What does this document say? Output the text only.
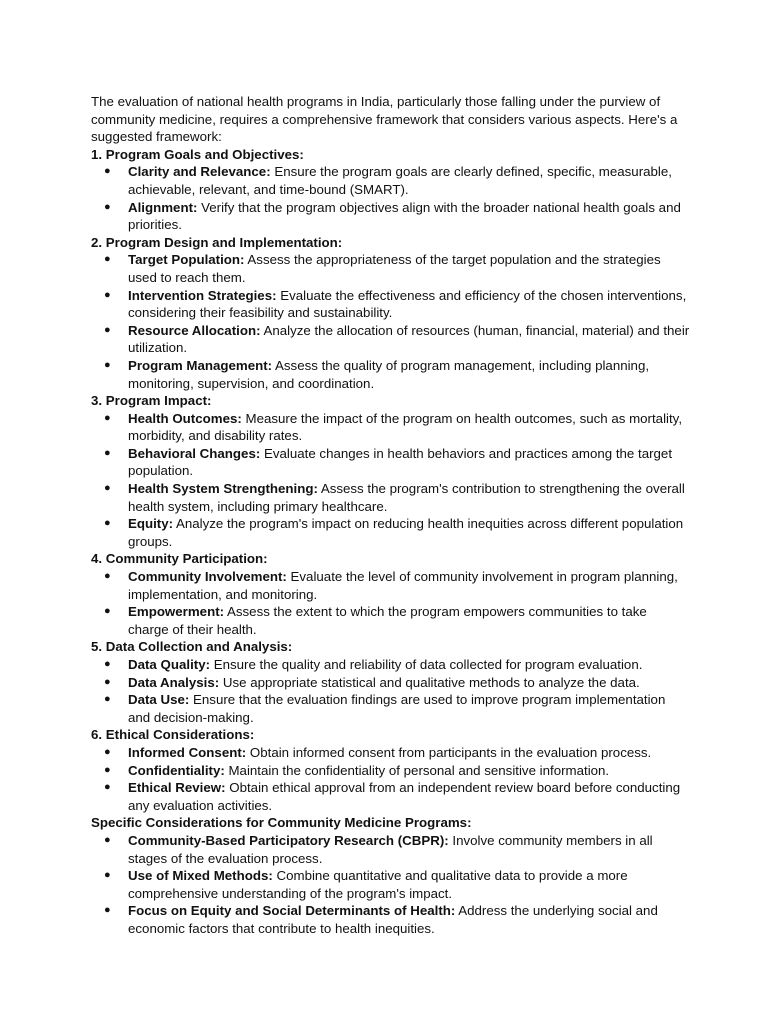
The evaluation of national health programs in India, particularly those falling under the purview of community medicine, requires a comprehensive framework that considers various aspects. Here's a suggested framework:

1. Program Goals and Objectives:

● Clarity and Relevance: Ensure the program goals are clearly defined, specific, measurable, achievable, relevant, and time-bound (SMART).
● Alignment: Verify that the program objectives align with the broader national health goals and priorities.

2. Program Design and Implementation:

● Target Population: Assess the appropriateness of the target population and the strategies used to reach them.
● Intervention Strategies: Evaluate the effectiveness and efficiency of the chosen interventions, considering their feasibility and sustainability.
● Resource Allocation: Analyze the allocation of resources (human, financial, material) and their utilization.
● Program Management: Assess the quality of program management, including planning, monitoring, supervision, and coordination.

3. Program Impact:

● Health Outcomes: Measure the impact of the program on health outcomes, such as mortality, morbidity, and disability rates.
● Behavioral Changes: Evaluate changes in health behaviors and practices among the target population.
● Health System Strengthening: Assess the program's contribution to strengthening the overall health system, including primary healthcare.
● Equity: Analyze the program's impact on reducing health inequities across different population groups.

4. Community Participation:

● Community Involvement: Evaluate the level of community involvement in program planning, implementation, and monitoring.
● Empowerment: Assess the extent to which the program empowers communities to take charge of their health.

5. Data Collection and Analysis:

● Data Quality: Ensure the quality and reliability of data collected for program evaluation.
● Data Analysis: Use appropriate statistical and qualitative methods to analyze the data.
● Data Use: Ensure that the evaluation findings are used to improve program implementation and decision-making.

6. Ethical Considerations:

● Informed Consent: Obtain informed consent from participants in the evaluation process.
● Confidentiality: Maintain the confidentiality of personal and sensitive information.
● Ethical Review: Obtain ethical approval from an independent review board before conducting any evaluation activities.

Specific Considerations for Community Medicine Programs:

● Community-Based Participatory Research (CBPR): Involve community members in all stages of the evaluation process.
● Use of Mixed Methods: Combine quantitative and qualitative data to provide a more comprehensive understanding of the program's impact.
● Focus on Equity and Social Determinants of Health: Address the underlying social and economic factors that contribute to health inequities.
